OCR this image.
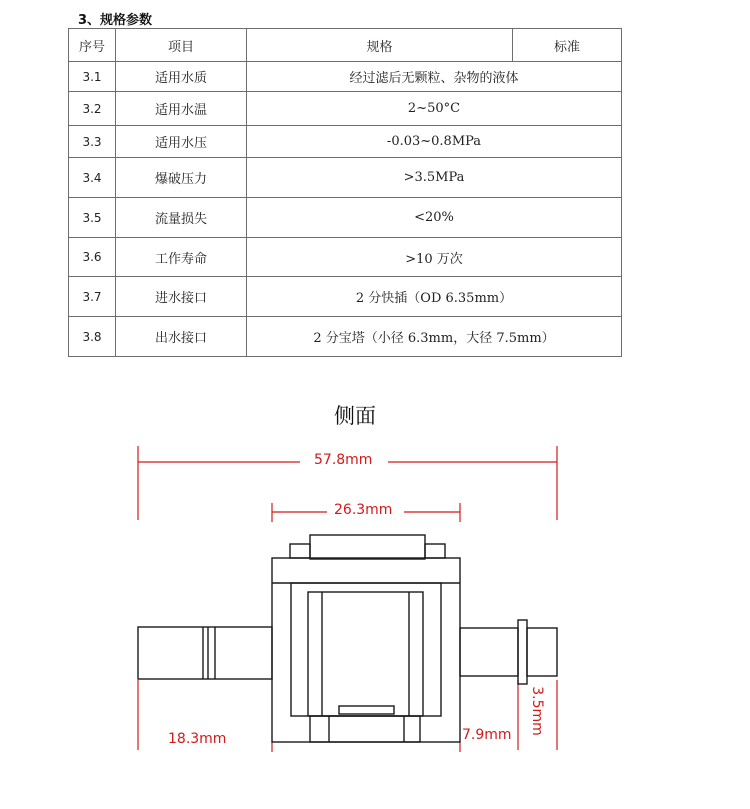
3、规格参数
序号	项目	规格	标准
3.1	适用水质	经过滤后无颗粒、杂物的液体	
3.2	适用水温	2~50°C	
3.3	适用水压	-0.03~0.8MPa	
3.4	爆破压力	>3.5MPa	
3.5	流量损失	<20%	
3.6	工作寿命	>10 万次	
3.7	进水接口	2 分快插（OD 6.35mm）	
3.8	出水接口	2 分宝塔（小径 6.3mm，大径 7.5mm）	
侧面
57.8mm
26.3mm
18.3mm	7.9mm 3.5mm
